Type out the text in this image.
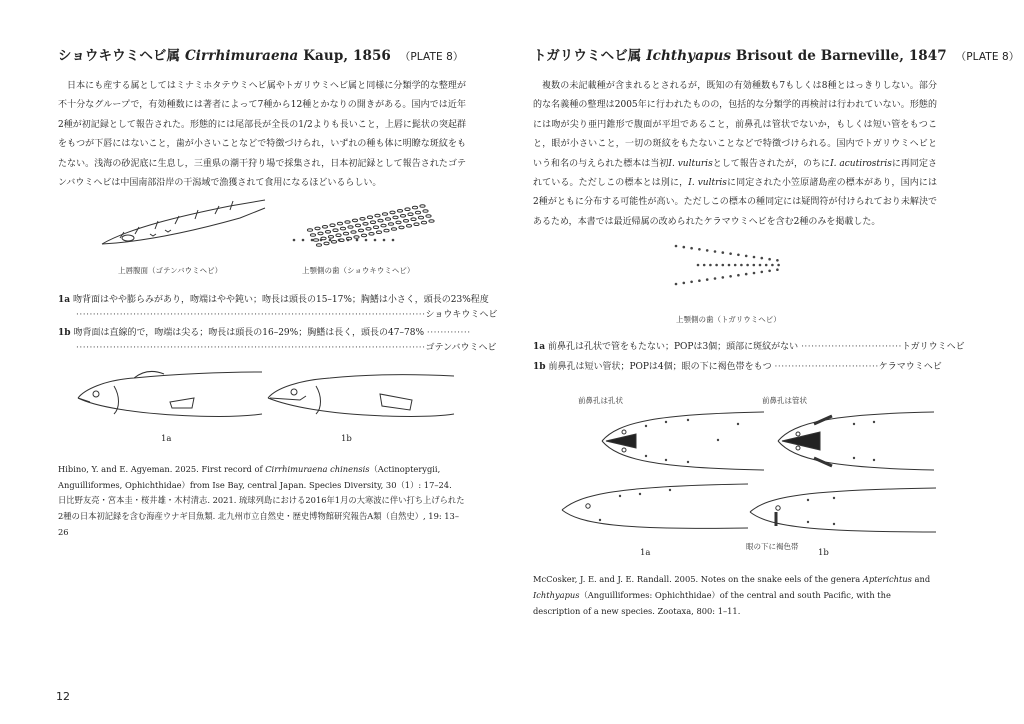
ショウキウミヘビ属 Cirrhimuraena Kaup, 1856 （PLATE 8）
日本にも産する属としてはミナミホタテウミヘビ属やトガリウミヘビ属と同様に分類学的な整理が不十分なグループで，有効種数には著者によって7種から12種とかなりの開きがある。国内では近年2種が初記録として報告された。形態的には尾部長が全長の1/2よりも長いこと，上唇に髭状の突起群をもつが下唇にはないこと，歯が小さいことなどで特徴づけられ，いずれの種も体に明瞭な斑紋をもたない。浅海の砂泥底に生息し，三重県の潮干狩り場で採集され，日本初記録として報告されたゴテンバウミヘビは中国南部沿岸の干潟域で漁獲されて食用になるほどいるらしい。
上唇腹面（ゴテンバウミヘビ）	上顎側の歯（ショウキウミヘビ）
1a 吻背面はやや膨らみがあり，吻端はやや鈍い；吻長は頭長の15–17%；胸鰭は小さく，頭長の23%程度
········································································································ショウキウミヘビ
1b 吻背面は直線的で，吻端は尖る；吻長は頭長の16–29%；胸鰭は長く，頭長の47–78% ·············
········································································································ゴテンバウミヘビ
1a	1b
Hibino, Y. and E. Agyeman. 2025. First record of Cirrhimuraena chinensis（Actinopterygii, Anguilliformes, Ophichthidae）from Ise Bay, central Japan. Species Diversity, 30（1）: 17–24.
日比野友亮・宮本圭・桜井雄・木村清志. 2021. 琉球列島における2016年1月の大寒波に伴い打ち上げられた2種の日本初記録を含む海産ウナギ目魚類. 北九州市立自然史・歴史博物館研究報告A類（自然史）, 19: 13–26
トガリウミヘビ属 Ichthyapus Brisout de Barneville, 1847 （PLATE 8）
複数の未記載種が含まれるとされるが，既知の有効種数も7もしくは8種とはっきりしない。部分的な名義種の整理は2005年に行われたものの，包括的な分類学的再検討は行われていない。形態的には吻が尖り亜円錐形で腹面が平坦であること，前鼻孔は管状でないか，もしくは短い管をもつこと，眼が小さいこと，一切の斑紋をもたないことなどで特徴づけられる。国内でトガリウミヘビという和名の与えられた標本は当初I. vulturisとして報告されたが，のちにI. acutirostrisに再同定されている。ただしこの標本とは別に，I. vultrisに同定された小笠原諸島産の標本があり，国内には2種がともに分布する可能性が高い。ただしこの標本の種同定には疑問符が付けられており未解決であるため，本書では最近帰属の改められたケラマウミヘビを含む2種のみを掲載した。
上顎側の歯（トガリウミヘビ）
1a 前鼻孔は孔状で管をもたない；POPは3個；頭部に斑紋がない ······························トガリウミヘビ
1b 前鼻孔は短い管状；POPは4個；眼の下に褐色帯をもつ ·······························ケラマウミヘビ
前鼻孔は孔状	前鼻孔は管状
眼の下に褐色帯
1a	1b
McCosker, J. E. and J. E. Randall. 2005. Notes on the snake eels of the genera Apterichtus and Ichthyapus（Anguilliformes: Ophichthidae）of the central and south Pacific, with the description of a new species. Zootaxa, 800: 1–11.
12
